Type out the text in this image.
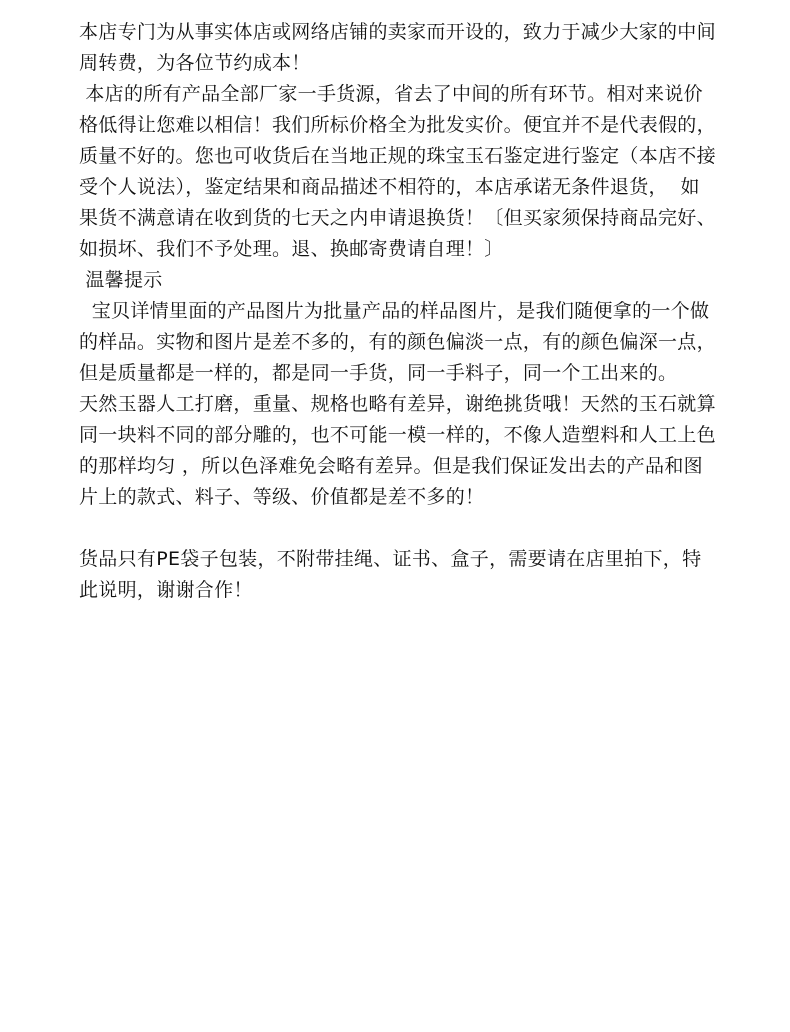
本店专门为从事实体店或网络店铺的卖家而开设的，致力于减少大家的中间周转费，为各位节约成本！

本店的所有产品全部厂家一手货源，省去了中间的所有环节。相对来说价格低得让您难以相信！我们所标价格全为批发实价。便宜并不是代表假的，质量不好的。您也可收货后在当地正规的珠宝玉石鉴定进行鉴定（本店不接受个人说法），鉴定结果和商品描述不相符的，本店承诺无条件退货，  如果货不满意请在收到货的七天之内申请退换货！〔但买家须保持商品完好、如损坏、我们不予处理。退、换邮寄费请自理！〕

温馨提示

宝贝详情里面的产品图片为批量产品的样品图片，是我们随便拿的一个做的样品。实物和图片是差不多的，有的颜色偏淡一点，有的颜色偏深一点，但是质量都是一样的，都是同一手货，同一手料子，同一个工出来的。

天然玉器人工打磨，重量、规格也略有差异，谢绝挑货哦！天然的玉石就算同一块料不同的部分雕的，也不可能一模一样的，不像人造塑料和人工上色的那样均匀 ，所以色泽难免会略有差异。但是我们保证发出去的产品和图片上的款式、料子、等级、价值都是差不多的！

货品只有PE袋子包装，不附带挂绳、证书、盒子，需要请在店里拍下，特此说明，谢谢合作！
